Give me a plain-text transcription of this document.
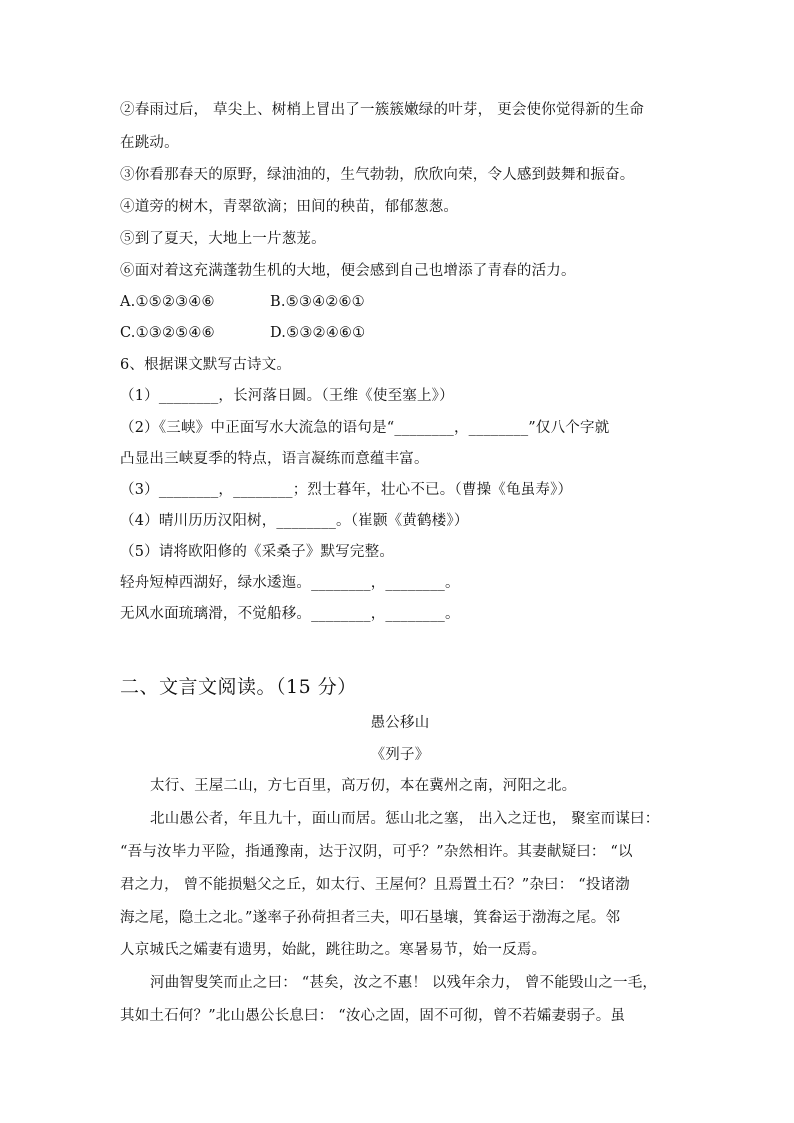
②春雨过后， 草尖上、树梢上冒出了一簇簇嫩绿的叶芽， 更会使你觉得新的生命
在跳动。
③你看那春天的原野，绿油油的，生气勃勃，欣欣向荣，令人感到鼓舞和振奋。
④道旁的树木，青翠欲滴；田间的秧苗，郁郁葱葱。
⑤到了夏天，大地上一片葱茏。
⑥面对着这充满蓬勃生机的大地，便会感到自己也增添了青春的活力。
A.①⑤②③④⑥	B.⑤③④②⑥①
C.①③②⑤④⑥	D.⑤③②④⑥①
6、根据课文默写古诗文。
（1）________，长河落日圆。（王维《使至塞上》）
（2）《三峡》中正面写水大流急的语句是“________，________”仅八个字就
凸显出三峡夏季的特点，语言凝练而意蕴丰富。
（3）________，________；烈士暮年，壮心不已。（曹操《龟虽寿》）
（4）晴川历历汉阳树，________。（崔颢《黄鹤楼》）
（5）请将欧阳修的《采桑子》默写完整。
轻舟短棹西湖好，绿水逶迤。________，________。
无风水面琉璃滑，不觉船移。________，________。
二、文言文阅读。（15 分）
愚公移山
《列子》
太行、王屋二山，方七百里，高万仞，本在冀州之南，河阳之北。
北山愚公者，年且九十，面山而居。惩山北之塞， 出入之迂也， 聚室而谋曰：
“吾与汝毕力平险，指通豫南，达于汉阴，可乎？”杂然相许。其妻献疑曰： “以
君之力， 曾不能损魁父之丘，如太行、王屋何？且焉置土石？”杂曰： “投诸渤
海之尾，隐土之北。”遂率子孙荷担者三夫，叩石垦壤，箕畚运于渤海之尾。邻
人京城氏之孀妻有遗男，始龀，跳往助之。寒暑易节，始一反焉。
河曲智叟笑而止之曰： “甚矣，汝之不惠！ 以残年余力， 曾不能毁山之一毛，
其如土石何？”北山愚公长息曰： “汝心之固，固不可彻，曾不若孀妻弱子。虽
